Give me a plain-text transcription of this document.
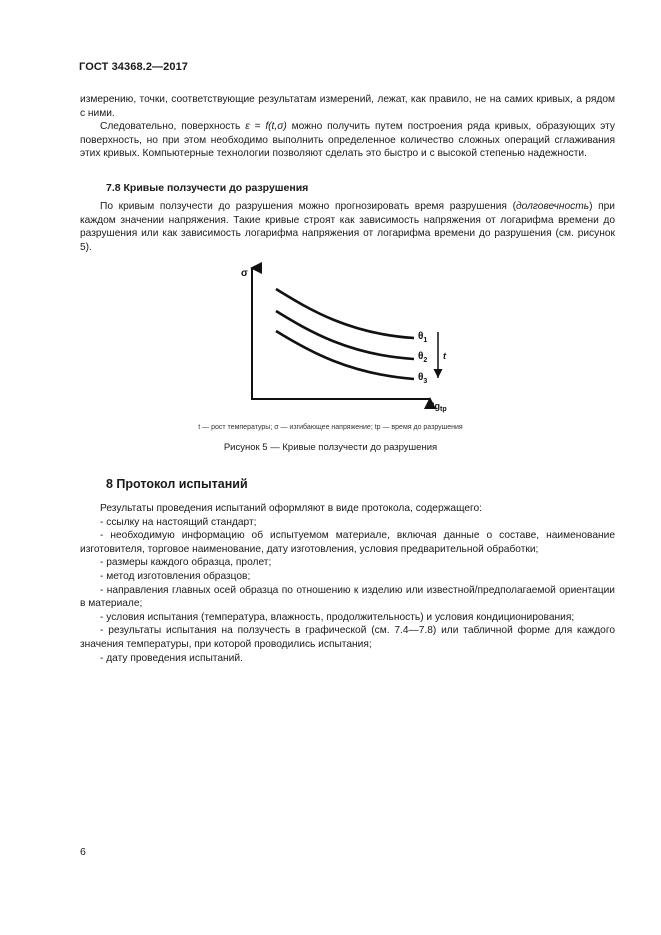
ГОСТ 34368.2—2017

измерению, точки, соответствующие результатам измерений, лежат, как правило, не на самих кривых, а рядом с ними.

Следовательно, поверхность ε = f(t,σ) можно получить путем построения ряда кривых, образующих эту поверхность, но при этом необходимо выполнить определенное количество сложных операций сглаживания этих кривых. Компьютерные технологии позволяют сделать это быстро и с высокой степенью надежности.

7.8 Кривые ползучести до разрушения

По кривым ползучести до разрушения можно прогнозировать время разрушения (долговечность) при каждом значении напряжения. Такие кривые строят как зависимость напряжения от логарифма времени до разрушения или как зависимость логарифма напряжения от логарифма времени до разрушения (см. рисунок 5).

σ
$\lg_{tр}$
$\theta_1$
$\theta_2$
$\theta_3$
t
t — рост температуры; σ — изгибающее напряжение; tр — время до разрушения
Рисунок 5 — Кривые ползучести до разрушения
8 Протокол испытаний

Результаты проведения испытаний оформляют в виде протокола, содержащего:

- ссылку на настоящий стандарт;

- необходимую информацию об испытуемом материале, включая данные о составе, наименование изготовителя, торговое наименование, дату изготовления, условия предварительной обработки;

- размеры каждого образца, пролет;

- метод изготовления образцов;

- направления главных осей образца по отношению к изделию или известной/предполагаемой ориентации в материале;

- условия испытания (температура, влажность, продолжительность) и условия кондиционирования;

- результаты испытания на ползучесть в графической (см. 7.4—7.8) или табличной форме для каждого значения температуры, при которой проводились испытания;

- дату проведения испытаний.

6
